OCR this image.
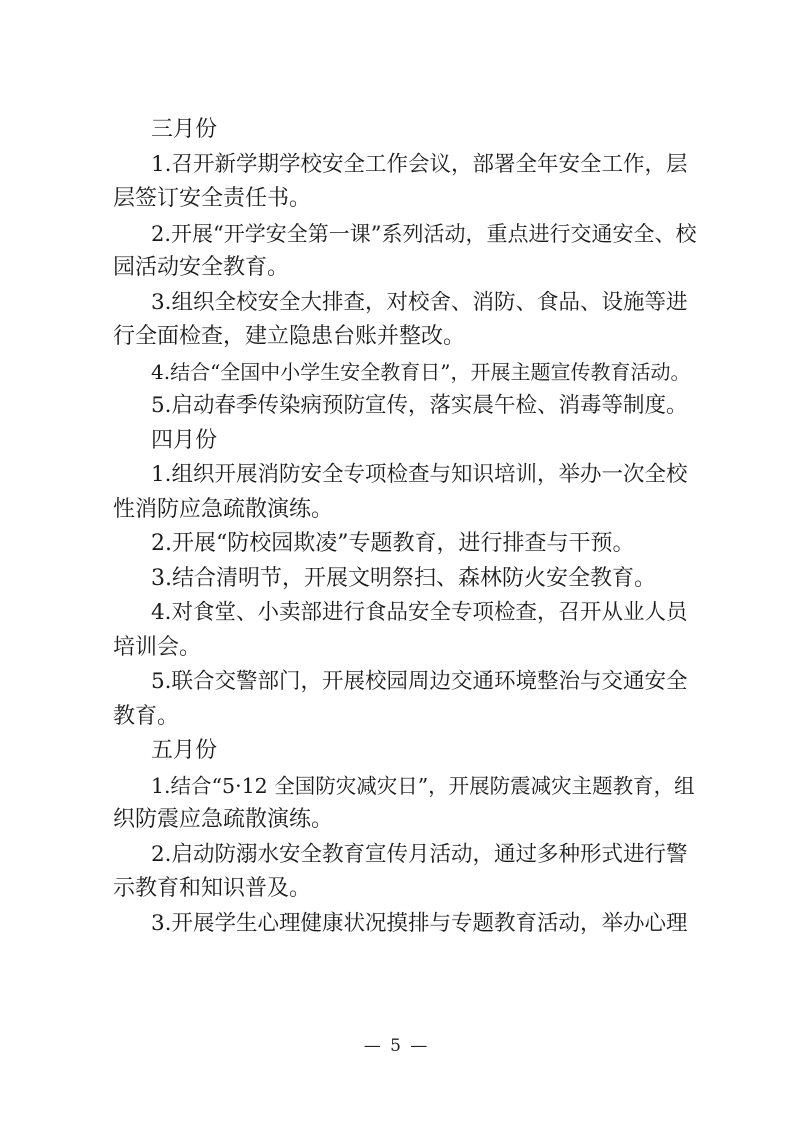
三月份
1.召开新学期学校安全工作会议，部署全年安全工作，层
层签订安全责任书。
2.开展“开学安全第一课”系列活动，重点进行交通安全、校
园活动安全教育。
3.组织全校安全大排查，对校舍、消防、食品、设施等进
行全面检查，建立隐患台账并整改。
4.结合“全国中小学生安全教育日”，开展主题宣传教育活动。
5.启动春季传染病预防宣传，落实晨午检、消毒等制度。
四月份
1.组织开展消防安全专项检查与知识培训，举办一次全校
性消防应急疏散演练。
2.开展“防校园欺凌”专题教育，进行排查与干预。
3.结合清明节，开展文明祭扫、森林防火安全教育。
4.对食堂、小卖部进行食品安全专项检查，召开从业人员
培训会。
5.联合交警部门，开展校园周边交通环境整治与交通安全
教育。
五月份
1.结合“5·12 全国防灾减灾日”，开展防震减灾主题教育，组
织防震应急疏散演练。
2.启动防溺水安全教育宣传月活动，通过多种形式进行警
示教育和知识普及。
3.开展学生心理健康状况摸排与专题教育活动，举办心理
— 5 —
